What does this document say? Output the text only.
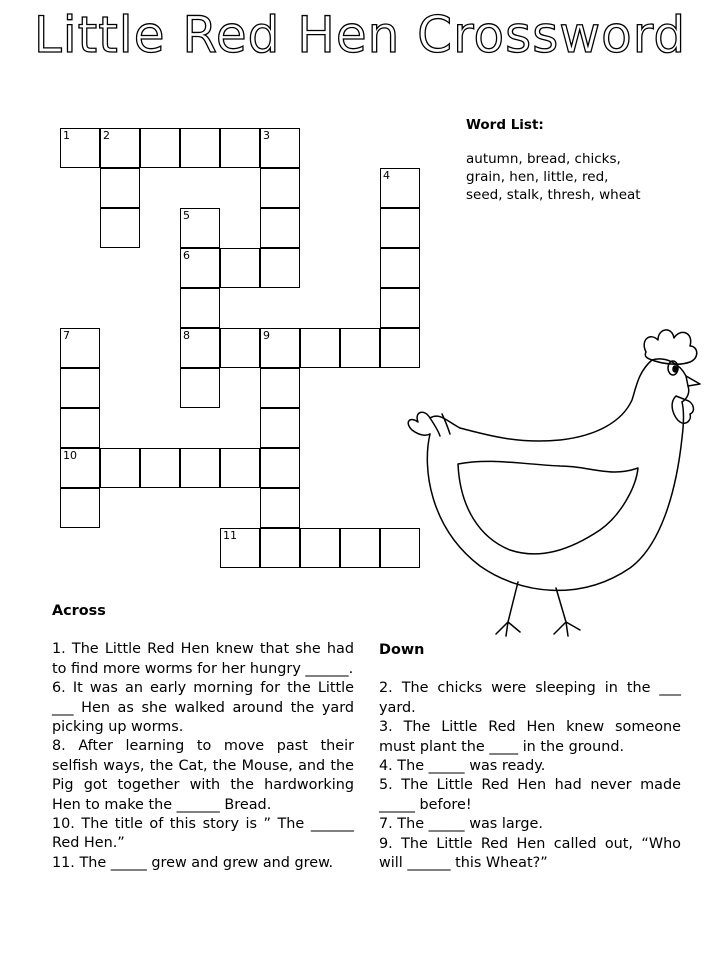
Little Red Hen Crossword
1	2	3
4
5
6
8	9
7
10
11
Word List:
autumn, bread, chicks,
grain, hen, little, red,
seed, stalk, thresh, wheat
Across

1. The Little Red Hen knew that she had to find more worms for her hungry ______.

6. It was an early morning for the Little ___ Hen as she walked around the yard picking up worms.

8. After learning to move past their selfish ways, the Cat, the Mouse, and the Pig got together with the hardworking Hen to make the ______ Bread.

10. The title of this story is ” The ______ Red Hen.”

11. The _____ grew and grew and grew.

Down

2. The chicks were sleeping in the ___ yard.

3. The Little Red Hen knew someone must plant the ____ in the ground.

4. The _____ was ready.

5. The Little Red Hen had never made _____ before!

7. The _____ was large.

9. The Little Red Hen called out, “Who will ______ this Wheat?”
